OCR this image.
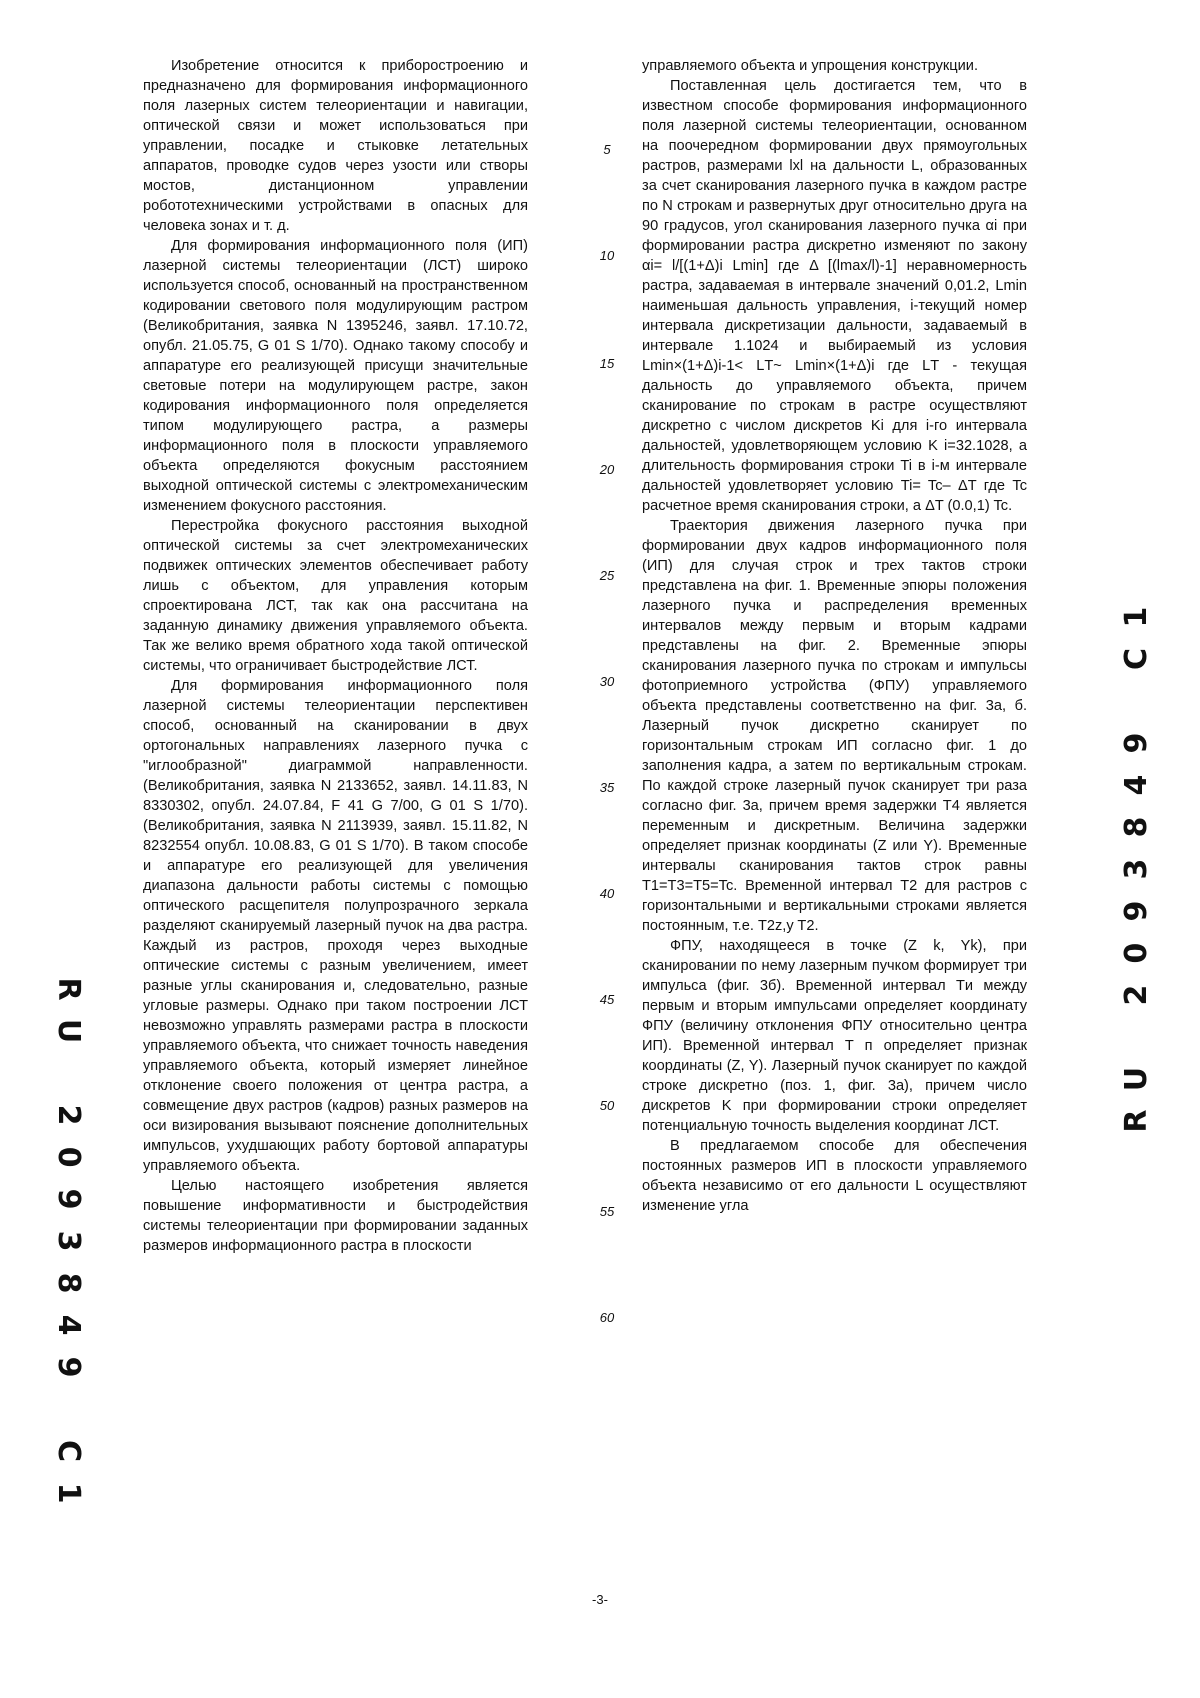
Изобретение относится к приборостроению и предназначено для формирования информационного поля лазерных систем телеориентации и навигации, оптической связи и может использоваться при управлении, посадке и стыковке летательных аппаратов, проводке судов через узости или створы мостов, дистанционном управлении робототехническими устройствами в опасных для человека зонах и т. д.

Для формирования информационного поля (ИП) лазерной системы телеориентации (ЛСТ) широко используется способ, основанный на пространственном кодировании светового поля модулирующим растром (Великобритания, заявка N 1395246, заявл. 17.10.72, опубл. 21.05.75, G 01 S 1/70). Однако такому способу и аппаратуре его реализующей присущи значительные световые потери на модулирующем растре, закон кодирования информационного поля определяется типом модулирующего растра, а размеры информационного поля в плоскости управляемого объекта определяются фокусным расстоянием выходной оптической системы с электромеханическим изменением фокусного расстояния.

Перестройка фокусного расстояния выходной оптической системы за счет электромеханических подвижек оптических элементов обеспечивает работу лишь с объектом, для управления которым спроектирована ЛСТ, так как она рассчитана на заданную динамику движения управляемого объекта. Так же велико время обратного хода такой оптической системы, что ограничивает быстродействие ЛСТ.

Для формирования информационного поля лазерной системы телеориентации перспективен способ, основанный на сканировании в двух ортогональных направлениях лазерного пучка с "иглообразной" диаграммой направленности. (Великобритания, заявка N 2133652, заявл. 14.11.83, N 8330302, опубл. 24.07.84, F 41 G 7/00, G 01 S 1/70). (Великобритания, заявка N 2113939, заявл. 15.11.82, N 8232554 опубл. 10.08.83, G 01 S 1/70). В таком способе и аппаратуре его реализующей для увеличения диапазона дальности работы системы с помощью оптического расщепителя полупрозрачного зеркала разделяют сканируемый лазерный пучок на два растра. Каждый из растров, проходя через выходные оптические системы с разным увеличением, имеет разные углы сканирования и, следовательно, разные угловые размеры. Однако при таком построении ЛСТ невозможно управлять размерами растра в плоскости управляемого объекта, что снижает точность наведения управляемого объекта, который измеряет линейное отклонение своего положения от центра растра, а совмещение двух растров (кадров) разных размеров на оси визирования вызывают пояснение дополнительных импульсов, ухудшающих работу бортовой аппаратуры управляемого объекта.

Целью настоящего изобретения является повышение информативности и быстродействия системы телеориентации при формировании заданных размеров информационного растра в плоскости

управляемого объекта и упрощения конструкции.

Поставленная цель достигается тем, что в известном способе формирования информационного поля лазерной системы телеориентации, основанном на поочередном формировании двух прямоугольных растров, размерами lxl на дальности L, образованных за счет сканирования лазерного пучка в каждом растре по N строкам и развернутых друг относительно друга на 90 градусов, угол сканирования лазерного пучка αi при формировании растра дискретно изменяют по закону αi= l/[(1+Δ)i Lmin] где Δ [(lmax/l)-1] неравномерность растра, задаваемая в интервале значений 0,01.2, Lmin наименьшая дальность управления, i-текущий номер интервала дискретизации дальности, задаваемый в интервале 1.1024 и выбираемый из условия Lmin×(1+Δ)i-1< LТ~ Lmin×(1+Δ)i где LТ - текущая дальность до управляемого объекта, причем сканирование по строкам в растре осуществляют дискретно с числом дискретов Ki для i-го интервала дальностей, удовлетворяющем условию K i=32.1028, а длительность формирования строки Ti в i-м интервале дальностей удовлетворяет условию Ti= Tc– ΔT где Tc расчетное время сканирования строки, а ΔT (0.0,1) Tc.

Траектория движения лазерного пучка при формировании двух кадров информационного поля (ИП) для случая строк и трех тактов строки представлена на фиг. 1. Временные эпюры положения лазерного пучка и распределения временных интервалов между первым и вторым кадрами представлены на фиг. 2. Временные эпюры сканирования лазерного пучка по строкам и импульсы фотоприемного устройства (ФПУ) управляемого объекта представлены соответственно на фиг. 3а, б. Лазерный пучок дискретно сканирует по горизонтальным строкам ИП согласно фиг. 1 до заполнения кадра, а затем по вертикальным строкам. По каждой строке лазерный пучок сканирует три раза согласно фиг. 3а, причем время задержки T4 является переменным и дискретным. Величина задержки определяет признак координаты (Z или Y). Временные интервалы сканирования тактов строк равны T1=T3=T5=Tc. Временной интервал T2 для растров с горизонтальными и вертикальными строками является постоянным, т.е. T2z,y T2.

ФПУ, находящееся в точке (Z k, Yk), при сканировании по нему лазерным пучком формирует три импульса (фиг. 3б). Временной интервал Tи между первым и вторым импульсами определяет координату ФПУ (величину отклонения ФПУ относительно центра ИП). Временной интервал T п определяет признак координаты (Z, Y). Лазерный пучок сканирует по каждой строке дискретно (поз. 1, фиг. 3а), причем число дискретов K при формировании строки определяет потенциальную точность выделения координат ЛСТ.

В предлагаемом способе для обеспечения постоянных размеров ИП в плоскости управляемого объекта независимо от его дальности L осуществляют изменение угла

5
10
15
20
25
30
35
40
45
50
55
60
R
U

2
0
9
3
8
4
9

C
1
1
C

9
4
8
3
9
0
2

U
R
-3-
